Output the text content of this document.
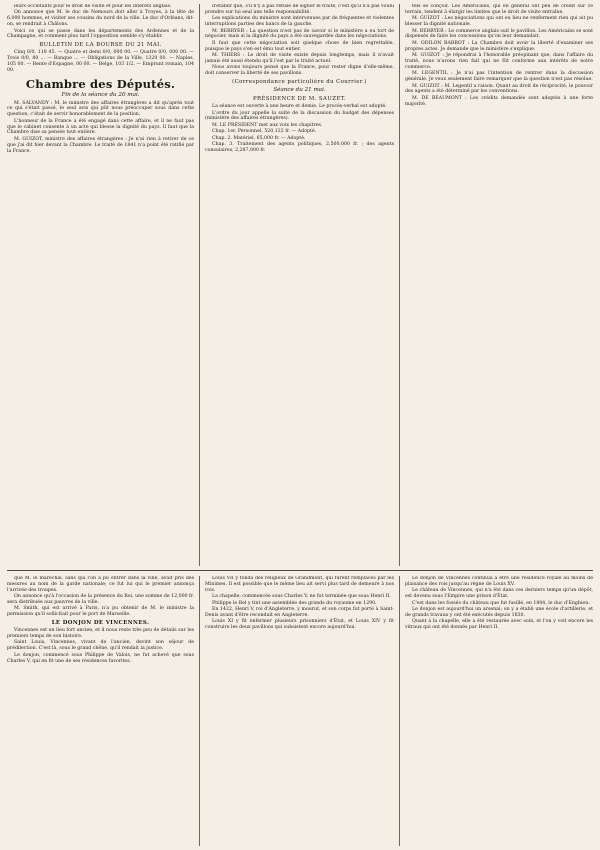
leurs occiétants pour le droit de visite et pour les intérêts anglais.

On annonce que M. le duc de Nemours doit aller à Troyes, à la tête de 6,000 hommes, et visiter ses cousins du nord de la ville. Le duc d'Orléans, dit-on, se rendrait à Châlons.

Voici ce qui se passe dans les départements des Ardennes et de la Champagne, et comment plus tard l'opposition semble s'y établir.

BULLETIN DE LA BOURSE DU 21 MAI.

Cinq 0/0, 118 45. — Quatre et demi 0/0, 000 00. — Quatre 0/0, 000 00. — Trois 0/0, 80 ... — Banque ... — Obligations de la Ville, 1320 00. — Naples, 105 00. — Rente d'Espagne, 00 00. — Belge, 103 1/2. — Emprunt romain, 104 00.

Chambre des Députés.
Fin de la séance du 20 mai.

M. SALVANDY : M. le ministre des affaires étrangères a dit qu'après tout ce qui s'était passé, le seul avis qui pût nous préoccuper sous dans cette question, c'était de servir honorablement de la position.

L'honneur de la France a été engagé dans cette affaire, et il ne faut pas que le cabinet consente à un acte qui blesse la dignité du pays. Il faut que la Chambre dise sa pensée tout entière.

M. GUIZOT, ministre des affaires étrangères : Je n'ai rien à retirer de ce que j'ai dit hier devant la Chambre. Le traité de 1841 n'a point été ratifié par la France.

d'établir que, s'il n'y a pas refusé de signer le traité, c'est qu'il n'a pas voulu prendre sur lui seul une telle responsabilité.

Les explications du ministre sont intervenues par de fréquentes et violentes interruptions parties des bancs de la gauche.

M. BERRYER : La question n'est pas de savoir si le ministère a eu tort de négocier, mais si la dignité du pays a été sauvegardée dans les négociations.

Il faut que cette négociation soit quelque chose de bien regrettable, puisque le pays s'en est ému tout entier.

M. THIERS : Le droit de visite existe depuis longtemps, mais il n'avait jamais été aussi étendu qu'il l'est par le traité actuel.

Nous avons toujours pensé que la France, pour rester digne d'elle-même, doit conserver la liberté de ses pavillons.

(Correspondance particulière du Courrier.)
Séance du 21 mai.
PRÉSIDENCE DE M. SAUZET.

La séance est ouverte à une heure et demie. Le procès-verbal est adopté.

L'ordre du jour appelle la suite de la discussion du budget des dépenses (ministère des affaires étrangères).

M. LE PRÉSIDENT met aux voix les chapitres.

Chap. 1er. Personnel, 520,122 fr. — Adopté.

Chap. 2. Matériel, 65,000 fr. — Adopté.

Chap. 3. Traitement des agents politiques, 2,500,000 fr. ; des agents consulaires, 2,287,000 fr.

tels se conçoit. Les Américains, qui en général ont peu de crédit sur ce terrain, tendent à élargir les limites que le droit de visite entraîne.

M. GUIZOT : Les négociations qui ont eu lieu ne renferment rien qui ait pu blesser la dignité nationale.

M. BERRYER : Le commerce anglais suit le pavillon. Les Américains se sont dispensés de faire les concessions qu'on leur demandait.

M. ODILON BARROT : La Chambre doit avoir la liberté d'examiner ses propres actes. Je demande que le ministère s'explique.

M. GUIZOT : Je répondrai à l'honorable préopinant que, dans l'affaire du traité, nous n'avons rien fait qui ne fût conforme aux intérêts de notre commerce.

M. LEGENTIL : Je n'ai pas l'intention de rentrer dans la discussion générale. Je veux seulement faire remarquer que la question n'est pas résolue.

M. GUIZOT : M. Legentil a raison. Quant au droit de réciprocité, le pouvoir des agents a été déterminé par les conventions.

M. DE BEAUMONT : Les crédits demandés sont adoptés à une forte majorité.

que M. le maréchal, sans qui l'on a pu entrer dans la ville, avait pris des mesures au nom de la garde nationale; ce fut lui qui le premier annonça l'arrivée des troupes.

On annonce qu'à l'occasion de la présence du Roi, une somme de 12,000 fr. sera distribuée aux pauvres de la ville.

M. Smith, qui est arrivé à Paris, n'a pu obtenir de M. le ministre la permission qu'il sollicitait pour le port de Marseille.

LE DONJON DE VINCENNES.

Vincennes est un lieu fort ancien, et il nous reste très peu de détails sur les premiers temps de son histoire.

Saint Louis, Vincennes, vivant de l'ancien, devint son séjour de prédilection. C'est là, sous le grand chêne, qu'il rendait la justice.

Le donjon, commencé sous Philippe de Valois, ne fut achevé que sous Charles V, qui en fit une de ses résidences favorites.

Louis VII y fonda des religieux de Grandmont, qui furent remplacés par les Minimes. Il est possible que le même lieu ait servi plus tard de demeure à nos rois.

La chapelle, commencée sous Charles V, ne fut terminée que sous Henri II.

Philippe le Bel y tint une assemblée des grands du royaume en 1290.

En 1422, Henri V, roi d'Angleterre, y mourut, et son corps fut porté à Saint-Denis avant d'être reconduit en Angleterre.

Louis XI y fit enfermer plusieurs prisonniers d'État, et Louis XIV y fit construire les deux pavillons qui subsistent encore aujourd'hui.

Le donjon de Vincennes continua à être une résidence royale au moins de plaisance des rois jusqu'au règne de Louis XV.

Le château de Vincennes, qui n'a été dans ces derniers temps qu'un dépôt, est devenu sous l'Empire une prison d'État.

C'est dans les fossés du château que fut fusillé, en 1804, le duc d'Enghien.

Le donjon est aujourd'hui un arsenal; on y a établi une école d'artillerie, et de grands travaux y ont été exécutés depuis 1830.

Quant à la chapelle, elle a été restaurée avec soin, et l'on y voit encore les vitraux qui ont été donnés par Henri II.
